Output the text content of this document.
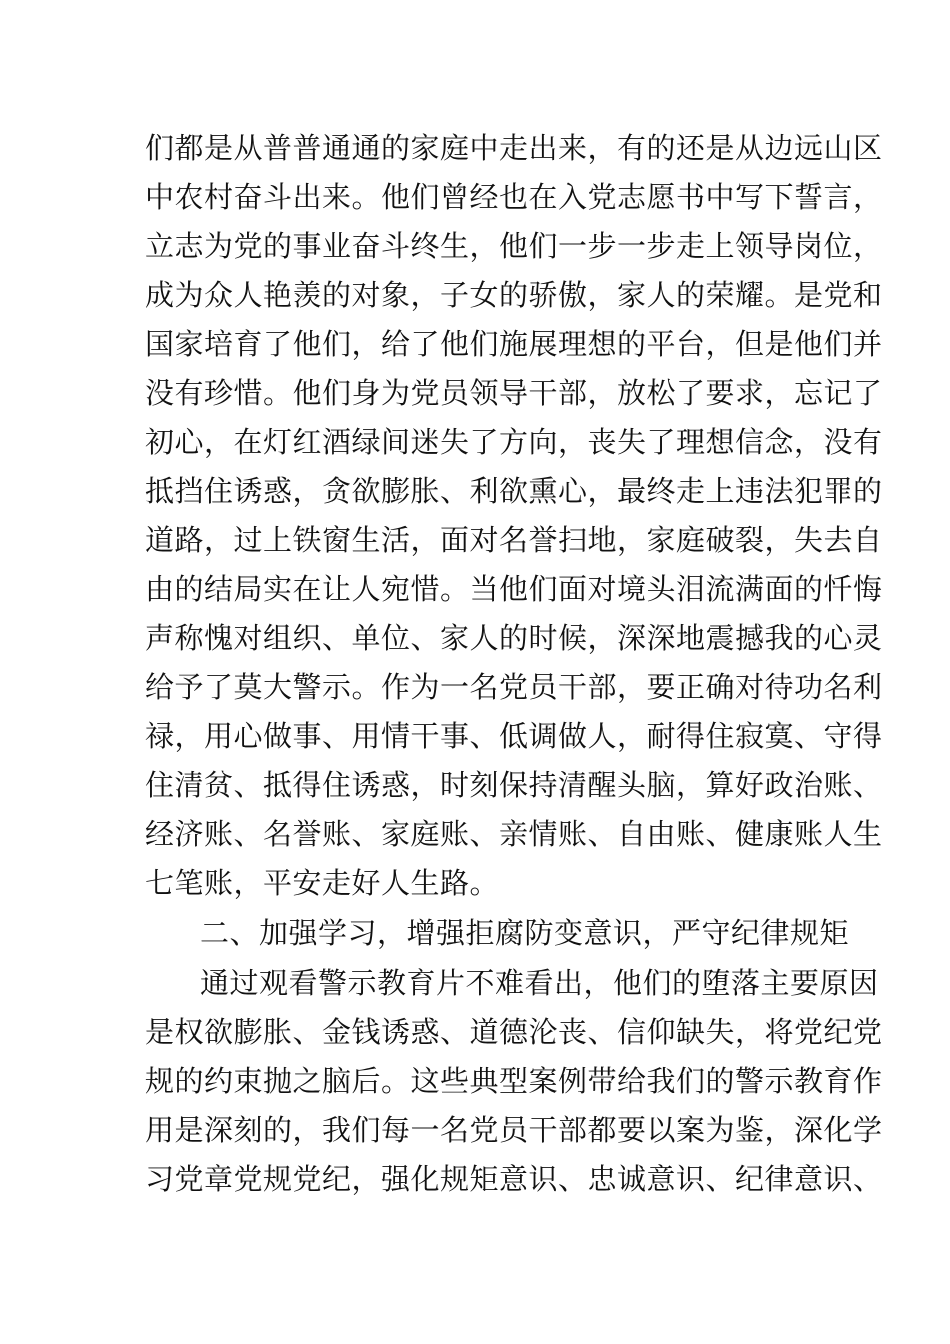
们都是从普普通通的家庭中走出来，有的还是从边远山区
中农村奋斗出来。他们曾经也在入党志愿书中写下誓言，
立志为党的事业奋斗终生，他们一步一步走上领导岗位，
成为众人艳羡的对象，子女的骄傲，家人的荣耀。是党和
国家培育了他们，给了他们施展理想的平台，但是他们并
没有珍惜。他们身为党员领导干部，放松了要求，忘记了
初心，在灯红酒绿间迷失了方向，丧失了理想信念，没有
抵挡住诱惑，贪欲膨胀、利欲熏心，最终走上违法犯罪的
道路，过上铁窗生活，面对名誉扫地，家庭破裂，失去自
由的结局实在让人宛惜。当他们面对境头泪流满面的忏悔
声称愧对组织、单位、家人的时候，深深地震撼我的心灵
给予了莫大警示。作为一名党员干部，要正确对待功名利
禄，用心做事、用情干事、低调做人，耐得住寂寞、守得
住清贫、抵得住诱惑，时刻保持清醒头脑，算好政治账、
经济账、名誉账、家庭账、亲情账、自由账、健康账人生
七笔账，平安走好人生路。
二、加强学习，增强拒腐防变意识，严守纪律规矩
通过观看警示教育片不难看出，他们的堕落主要原因
是权欲膨胀、金钱诱惑、道德沦丧、信仰缺失，将党纪党
规的约束抛之脑后。这些典型案例带给我们的警示教育作
用是深刻的，我们每一名党员干部都要以案为鉴，深化学
习党章党规党纪，强化规矩意识、忠诚意识、纪律意识、
